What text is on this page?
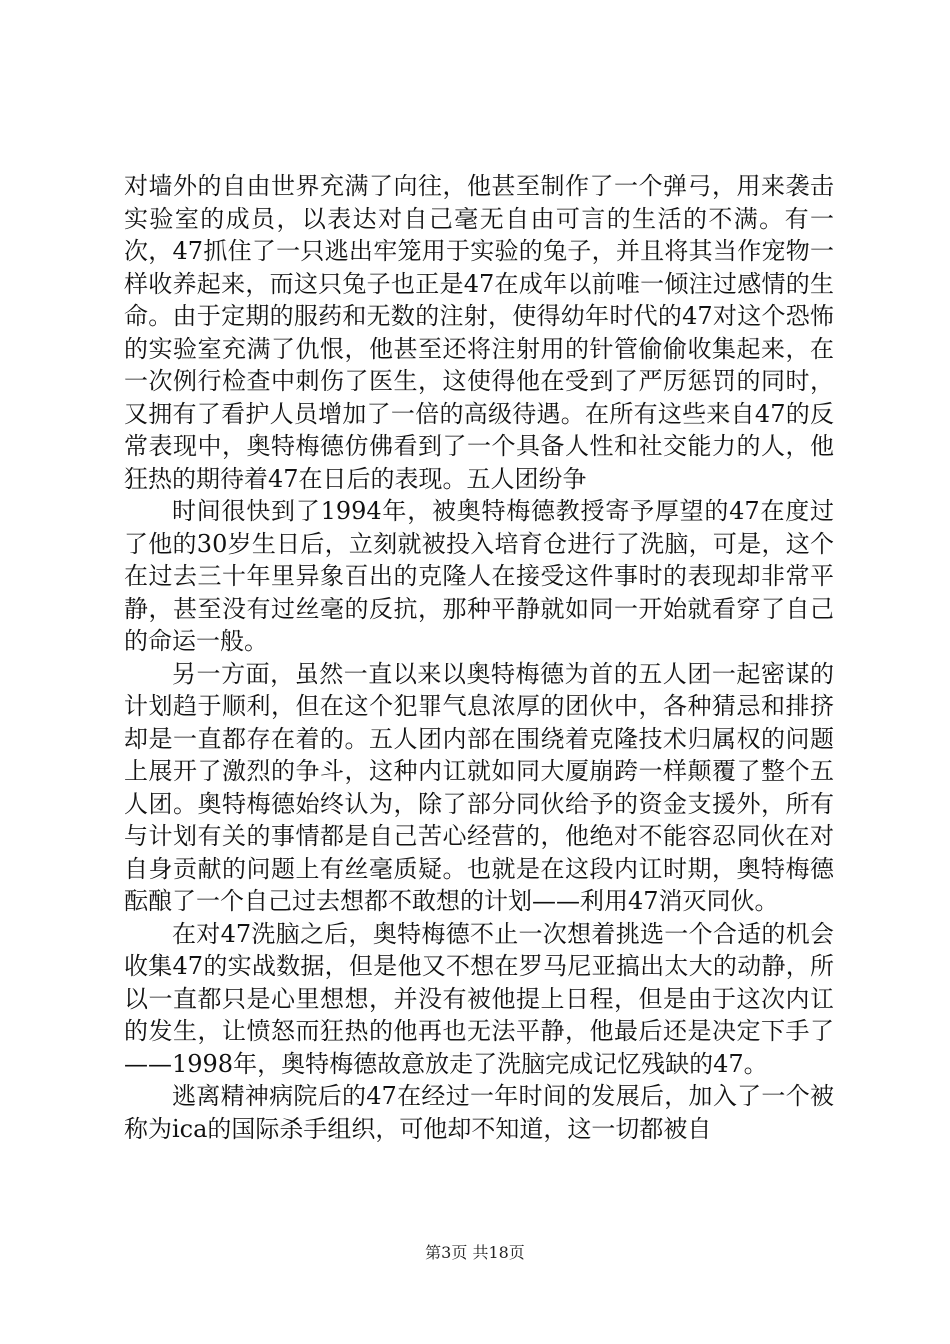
对墙外的自由世界充满了向往，他甚至制作了一个弹弓，用来袭击实验室的成员，以表达对自己毫无自由可言的生活的不满。有一次，47抓住了一只逃出牢笼用于实验的兔子，并且将其当作宠物一样收养起来，而这只兔子也正是47在成年以前唯一倾注过感情的生命。由于定期的服药和无数的注射，使得幼年时代的47对这个恐怖的实验室充满了仇恨，他甚至还将注射用的针管偷偷收集起来，在一次例行检查中刺伤了医生，这使得他在受到了严厉惩罚的同时，又拥有了看护人员增加了一倍的高级待遇。在所有这些来自47的反常表现中，奥特梅德仿佛看到了一个具备人性和社交能力的人，他狂热的期待着47在日后的表现。五人团纷争

时间很快到了1994年，被奥特梅德教授寄予厚望的47在度过了他的30岁生日后，立刻就被投入培育仓进行了洗脑，可是，这个在过去三十年里异象百出的克隆人在接受这件事时的表现却非常平静，甚至没有过丝毫的反抗，那种平静就如同一开始就看穿了自己的命运一般。

另一方面，虽然一直以来以奥特梅德为首的五人团一起密谋的计划趋于顺利，但在这个犯罪气息浓厚的团伙中，各种猜忌和排挤却是一直都存在着的。五人团内部在围绕着克隆技术归属权的问题上展开了激烈的争斗，这种内讧就如同大厦崩跨一样颠覆了整个五人团。奥特梅德始终认为，除了部分同伙给予的资金支援外，所有与计划有关的事情都是自己苦心经营的，他绝对不能容忍同伙在对自身贡献的问题上有丝毫质疑。也就是在这段内讧时期，奥特梅德酝酿了一个自己过去想都不敢想的计划——利用47消灭同伙。

在对47洗脑之后，奥特梅德不止一次想着挑选一个合适的机会收集47的实战数据，但是他又不想在罗马尼亚搞出太大的动静，所以一直都只是心里想想，并没有被他提上日程，但是由于这次内讧的发生，让愤怒而狂热的他再也无法平静，他最后还是决定下手了——1998年，奥特梅德故意放走了洗脑完成记忆残缺的47。

逃离精神病院后的47在经过一年时间的发展后，加入了一个被称为ica的国际杀手组织，可他却不知道，这一切都被自

第3页 共18页
